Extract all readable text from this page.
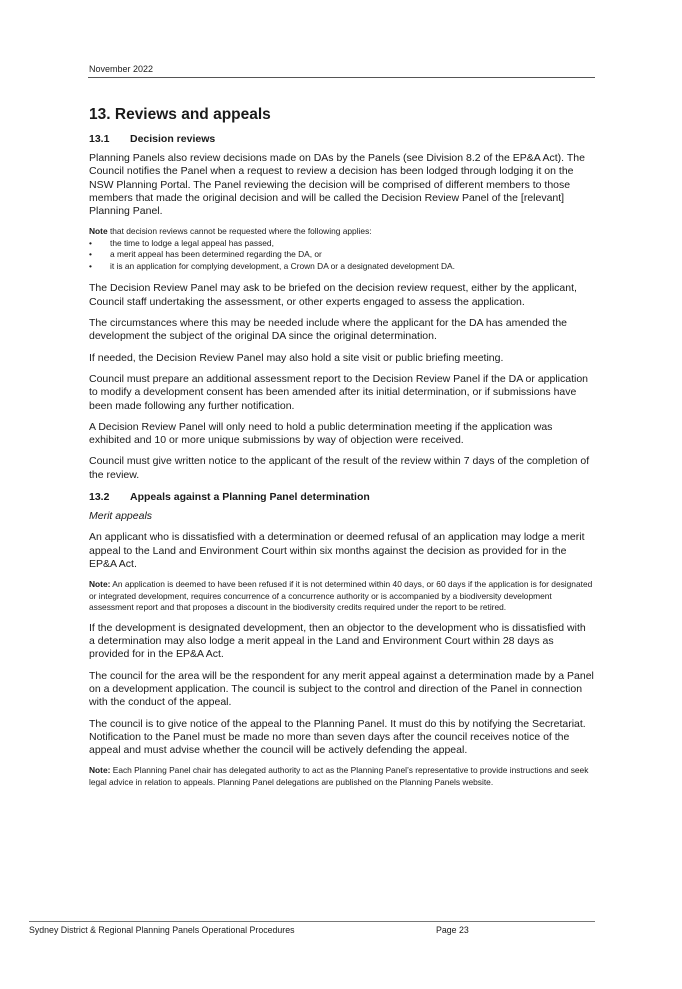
November 2022
13. Reviews and appeals
13.1 Decision reviews

Planning Panels also review decisions made on DAs by the Panels (see Division 8.2 of the EP&A Act). The Council notifies the Panel when a request to review a decision has been lodged through lodging it on the NSW Planning Portal. The Panel reviewing the decision will be comprised of different members to those members that made the original decision and will be called the Decision Review Panel of the [relevant] Planning Panel.

Note that decision reviews cannot be requested where the following applies:
• the time to lodge a legal appeal has passed,
• a merit appeal has been determined regarding the DA, or
• it is an application for complying development, a Crown DA or a designated development DA.

The Decision Review Panel may ask to be briefed on the decision review request, either by the applicant, Council staff undertaking the assessment, or other experts engaged to assess the application.

The circumstances where this may be needed include where the applicant for the DA has amended the development the subject of the original DA since the original determination.

If needed, the Decision Review Panel may also hold a site visit or public briefing meeting.

Council must prepare an additional assessment report to the Decision Review Panel if the DA or application to modify a development consent has been amended after its initial determination, or if submissions have been made following any further notification.

A Decision Review Panel will only need to hold a public determination meeting if the application was exhibited and 10 or more unique submissions by way of objection were received.

Council must give written notice to the applicant of the result of the review within 7 days of the completion of the review.

13.2 Appeals against a Planning Panel determination

Merit appeals

An applicant who is dissatisfied with a determination or deemed refusal of an application may lodge a merit appeal to the Land and Environment Court within six months against the decision as provided for in the EP&A Act.

Note: An application is deemed to have been refused if it is not determined within 40 days, or 60 days if the application is for designated or integrated development, requires concurrence of a concurrence authority or is accompanied by a biodiversity development assessment report and that proposes a discount in the biodiversity credits required under the report to be retired.

If the development is designated development, then an objector to the development who is dissatisfied with a determination may also lodge a merit appeal in the Land and Environment Court within 28 days as provided for in the EP&A Act.

The council for the area will be the respondent for any merit appeal against a determination made by a Panel on a development application. The council is subject to the control and direction of the Panel in connection with the conduct of the appeal.

The council is to give notice of the appeal to the Planning Panel. It must do this by notifying the Secretariat. Notification to the Panel must be made no more than seven days after the council receives notice of the appeal and must advise whether the council will be actively defending the appeal.

Note: Each Planning Panel chair has delegated authority to act as the Planning Panel’s representative to provide instructions and seek legal advice in relation to appeals. Planning Panel delegations are published on the Planning Panels website.
Sydney District & Regional Planning Panels Operational Procedures	Page 23
